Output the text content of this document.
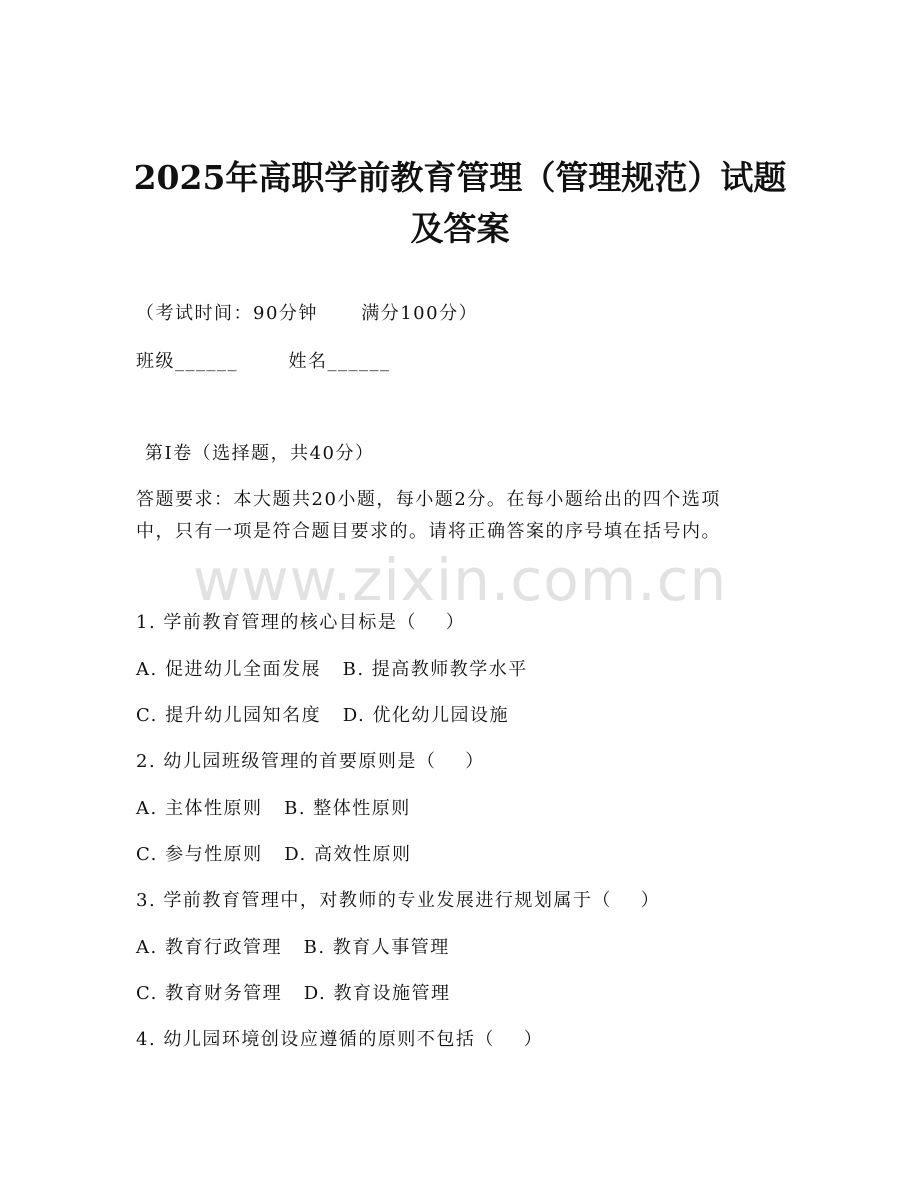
2025年高职学前教育管理（管理规范）试题
及答案
（考试时间：90分钟      满分100分）
班级______       姓名______
第I卷（选择题，共40分）
答题要求：本大题共20小题，每小题2分。在每小题给出的四个选项
中，只有一项是符合题目要求的。请将正确答案的序号填在括号内。
www.zixin.com.cn
1. 学前教育管理的核心目标是（    ）
A. 促进幼儿全面发展   B. 提高教师教学水平
C. 提升幼儿园知名度   D. 优化幼儿园设施
2. 幼儿园班级管理的首要原则是（    ）
A. 主体性原则   B. 整体性原则
C. 参与性原则   D. 高效性原则
3. 学前教育管理中，对教师的专业发展进行规划属于（    ）
A. 教育行政管理   B. 教育人事管理
C. 教育财务管理   D. 教育设施管理
4. 幼儿园环境创设应遵循的原则不包括（    ）
